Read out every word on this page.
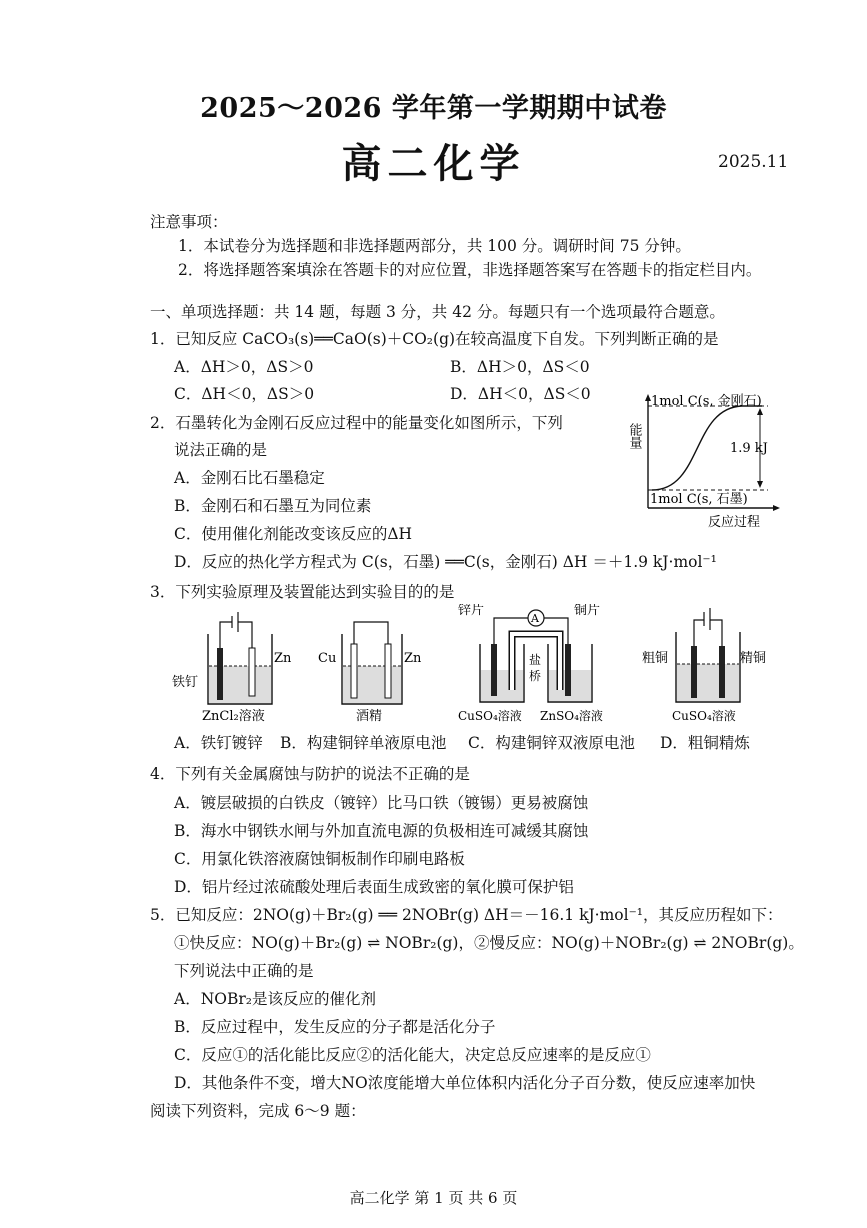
2025～2026 学年第一学期期中试卷
高二化学	2025.11
注意事项：
1．本试卷分为选择题和非选择题两部分，共 100 分。调研时间 75 分钟。
2．将选择题答案填涂在答题卡的对应位置，非选择题答案写在答题卡的指定栏目内。
一、单项选择题：共 14 题，每题 3 分，共 42 分。每题只有一个选项最符合题意。
1．已知反应 CaCO₃(s)══CaO(s)＋CO₂(g)在较高温度下自发。下列判断正确的是
A．ΔH＞0，ΔS＞0	B．ΔH＞0，ΔS＜0
C．ΔH＜0，ΔS＞0	D．ΔH＜0，ΔS＜0
2．石墨转化为金刚石反应过程中的能量变化如图所示，下列
说法正确的是
A．金刚石比石墨稳定
B．金刚石和石墨互为同位素
C．使用催化剂能改变该反应的ΔH
D．反应的热化学方程式为 C(s，石墨) ══C(s，金刚石) ΔH ＝＋1.9 kJ·mol⁻¹
1mol C(s, 金刚石)
1mol C(s, 石墨)
1.9 kJ
能量
反应过程
3．下列实验原理及装置能达到实验目的的是
铁钉
Zn
ZnCl₂溶液
Cu	Zn
酒精
A
锌片	铜片
盐
桥
CuSO₄溶液 ZnSO₄溶液
粗铜	精铜
CuSO₄溶液
A．铁钉镀锌 B．构建铜锌单液原电池 C．构建铜锌双液原电池 D．粗铜精炼
4．下列有关金属腐蚀与防护的说法不正确的是
A．镀层破损的白铁皮（镀锌）比马口铁（镀锡）更易被腐蚀
B．海水中钢铁水闸与外加直流电源的负极相连可减缓其腐蚀
C．用氯化铁溶液腐蚀铜板制作印刷电路板
D．铝片经过浓硫酸处理后表面生成致密的氧化膜可保护铝
5．已知反应：2NO(g)＋Br₂(g) ══ 2NOBr(g) ΔH＝－16.1 kJ·mol⁻¹，其反应历程如下：
①快反应：NO(g)＋Br₂(g) ⇌ NOBr₂(g)，②慢反应：NO(g)＋NOBr₂(g) ⇌ 2NOBr(g)。
下列说法中正确的是
A．NOBr₂是该反应的催化剂
B．反应过程中，发生反应的分子都是活化分子
C．反应①的活化能比反应②的活化能大，决定总反应速率的是反应①
D．其他条件不变，增大NO浓度能增大单位体积内活化分子百分数，使反应速率加快
阅读下列资料，完成 6～9 题：
高二化学 第 1 页 共 6 页
